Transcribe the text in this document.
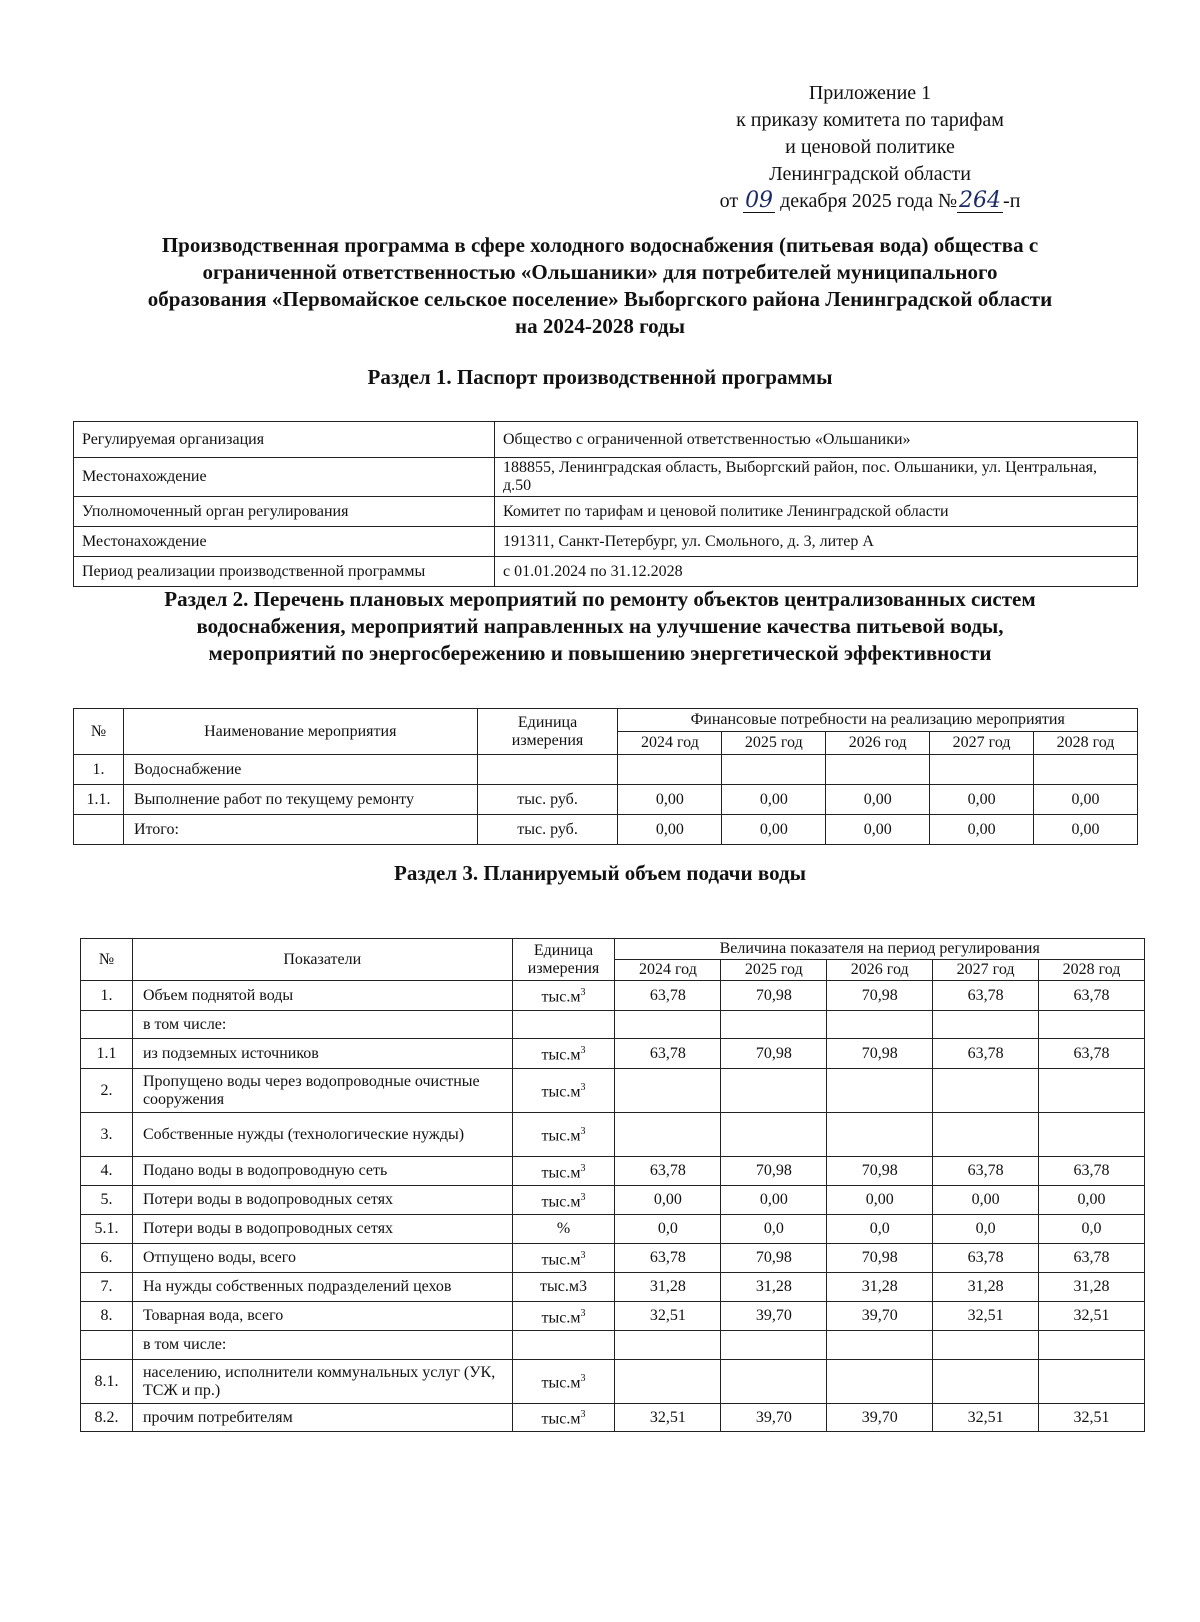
Приложение 1
к приказу комитета по тарифам
и ценовой политике
Ленинградской области
от 09 декабря 2025 года №264 -п
Производственная программа в сфере холодного водоснабжения (питьевая вода) общества с
ограниченной ответственностью «Ольшаники» для потребителей муниципального
образования «Первомайское сельское поселение» Выборгского района Ленинградской области
на 2024-2028 годы
Раздел 1. Паспорт производственной программы
Регулируемая организация	Общество с ограниченной ответственностью «Ольшаники»
Местонахождение	188855, Ленинградская область, Выборгский район, пос. Ольшаники, ул. Центральная, д.50
Уполномоченный орган регулирования	Комитет по тарифам и ценовой политике Ленинградской области
Местонахождение	191311, Санкт-Петербург, ул. Смольного, д. 3, литер А
Период реализации производственной программы	с 01.01.2024 по 31.12.2028
Раздел 2. Перечень плановых мероприятий по ремонту объектов централизованных систем
водоснабжения, мероприятий направленных на улучшение качества питьевой воды,
мероприятий по энергосбережению и повышению энергетической эффективности
№	Наименование мероприятия	Единица измерения	Финансовые потребности на реализацию мероприятия				
			2024 год	2025 год	2026 год	2027 год	2028 год
1.	Водоснабжение						
1.1.	Выполнение работ по текущему ремонту	тыс. руб.	0,00	0,00	0,00	0,00	0,00
	Итого:	тыс. руб.	0,00	0,00	0,00	0,00	0,00
Раздел 3. Планируемый объем подачи воды
№	Показатели	Единица измерения	Величина показателя на период регулирования				
			2024 год	2025 год	2026 год	2027 год	2028 год
1.	Объем поднятой воды	$тыс.м^3$	63,78	70,98	70,98	63,78	63,78
	в том числе:						
1.1	из подземных источников	$тыс.м^3$	63,78	70,98	70,98	63,78	63,78
2.	Пропущено воды через водопроводные очистные сооружения	$тыс.м^3$					
3.	Собственные нужды (технологические нужды)	$тыс.м^3$					
4.	Подано воды в водопроводную сеть	$тыс.м^3$	63,78	70,98	70,98	63,78	63,78
5.	Потери воды в водопроводных сетях	$тыс.м^3$	0,00	0,00	0,00	0,00	0,00
5.1.	Потери воды в водопроводных сетях	%	0,0	0,0	0,0	0,0	0,0
6.	Отпущено воды, всего	$тыс.м^3$	63,78	70,98	70,98	63,78	63,78
7.	На нужды собственных подразделений цехов	тыс.м3	31,28	31,28	31,28	31,28	31,28
8.	Товарная вода, всего	$тыс.м^3$	32,51	39,70	39,70	32,51	32,51
	в том числе:						
8.1.	населению, исполнители коммунальных услуг (УК, ТСЖ и пр.)	$тыс.м^3$					
8.2.	прочим потребителям	$тыс.м^3$	32,51	39,70	39,70	32,51	32,51
